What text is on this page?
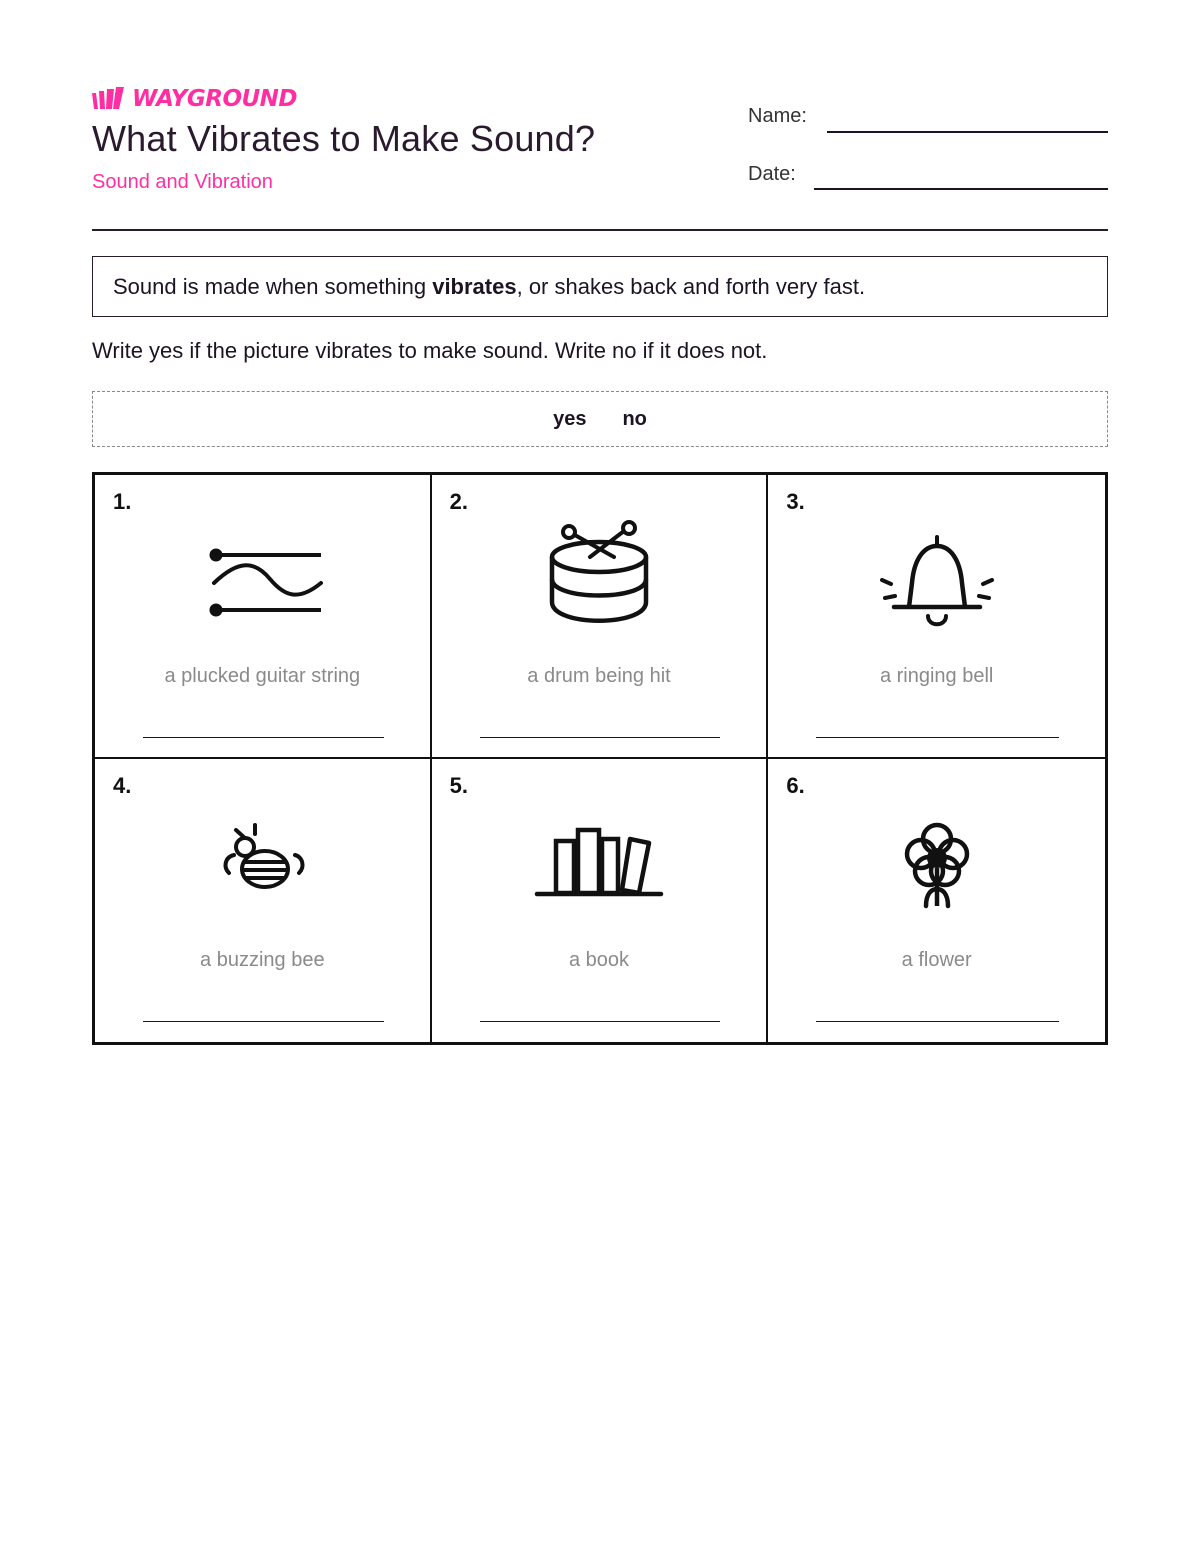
WAYGROUND
What Vibrates to Make Sound?
Sound and Vibration
Name:
Date:
Sound is made when something vibrates, or shakes back and forth very fast.
Write yes if the picture vibrates to make sound. Write no if it does not.
yes no
1.
a plucked guitar string
2.
a drum being hit
3.
a ringing bell
4.
a buzzing bee
5.
a book
6.
a flower
